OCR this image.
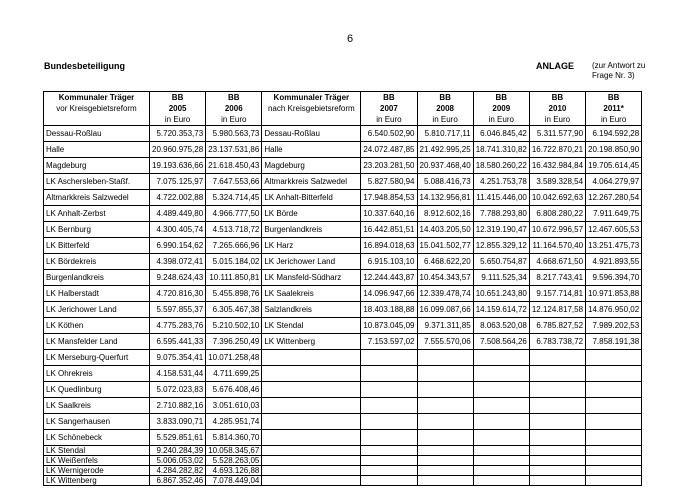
6
Bundesbeteiligung	ANLAGE (zur Antwort zu Frage Nr. 3)
Kommunaler Träger	BB	BB	Kommunaler Träger	BB	BB	BB	BB	BB
vor Kreisgebietsreform	2005	2006	nach Kreisgebietsreform	2007	2008	2009	2010	2011*
	in Euro	in Euro		in Euro	in Euro	in Euro	in Euro	in Euro
Dessau-Roßlau	5.720.353,73	5.980.563,73	Dessau-Roßlau	6.540.502,90	5.810.717,11	6.046.845,42	5.311.577,90	6.194.592,28
Halle	20.960.975,28	23.137.531,86	Halle	24.072.487,85	21.492.995,25	18.741.310,82	16.722.870,21	20.198.850,90
Magdeburg	19.193.636,66	21.618.450,43	Magdeburg	23.203.281,50	20.937.468,40	18.580.260,22	16.432.984,84	19.705.614,45
LK Aschersleben-Staßf.	7.075.125,97	7.647.553,66	Altmarkkreis Salzwedel	5.827.580,94	5.088.416,73	4.251.753,78	3.589.328,54	4.064.279,97
Altmarkkreis Salzwedel	4.722.002,88	5.324.714,45	LK Anhalt-Bitterfeld	17.948.854,53	14.132.956,81	11.415.446,00	10.042.692,63	12.267.280,54
LK Anhalt-Zerbst	4.489.449,80	4.966.777,50	LK Börde	10.337.640,16	8.912.602,16	7.788.293,80	6.808.280,22	7.911.649,75
LK Bernburg	4.300.405,74	4.513.718,72	Burgenlandkreis	16.442.851,51	14.403.205,50	12.319.190,47	10.672.996,57	12.467.605,53
LK Bitterfeld	6.990.154,62	7.265.666,96	LK Harz	16.894.018,63	15.041.502,77	12.855.329,12	11.164.570,40	13.251.475,73
LK Bördekreis	4.398.072,41	5.015.184,02	LK Jerichower Land	6.915.103,10	6.468.622,20	5.650.754,87	4.668.671,50	4.921.893,55
Burgenlandkreis	9.248.624,43	10.111.850,81	LK Mansfeld-Südharz	12.244.443,87	10.454.343,57	9.111.525,34	8.217.743,41	9.596.394,70
LK Halberstadt	4.720.816,30	5.455.898,76	LK Saalekreis	14.096.947,66	12.339.478,74	10.651.243,80	9.157.714,81	10.971.853,88
LK Jerichower Land	5.597.855,37	6.305.467,38	Salzlandkreis	18.403.188,88	16.099.087,66	14.159.614,72	12.124.817,58	14.876.950,02
LK Köthen	4.775.283,76	5.210.502,10	LK Stendal	10.873.045,09	9.371.311,85	8.063.520,08	6.785.827,52	7.989.202,53
LK Mansfelder Land	6.595.441,33	7.396.250,49	LK Wittenberg	7.153.597,02	7.555.570,06	7.508.564,26	6.783.738,72	7.858.191,38
LK Merseburg-Querfurt	9.075.354,41	10.071.258,48						
LK Ohrekreis	4.158.531,44	4.711.699,25						
LK Quedlinburg	5.072.023,83	5.676.408,46						
LK Saalkreis	2.710.882,16	3.051.610,03						
LK Sangerhausen	3.833.090,71	4.285.951,74						
LK Schönebeck	5.529.851,61	5.814.360,70						
LK Stendal	9.240.284,39	10.058.345,67						
LK Weißenfels	5.006.053,02	5.528.263,05						
LK Wernigerode	4.284.282,82	4.693.126,88						
LK Wittenberg	6.867.352,46	7.078.449,04						
